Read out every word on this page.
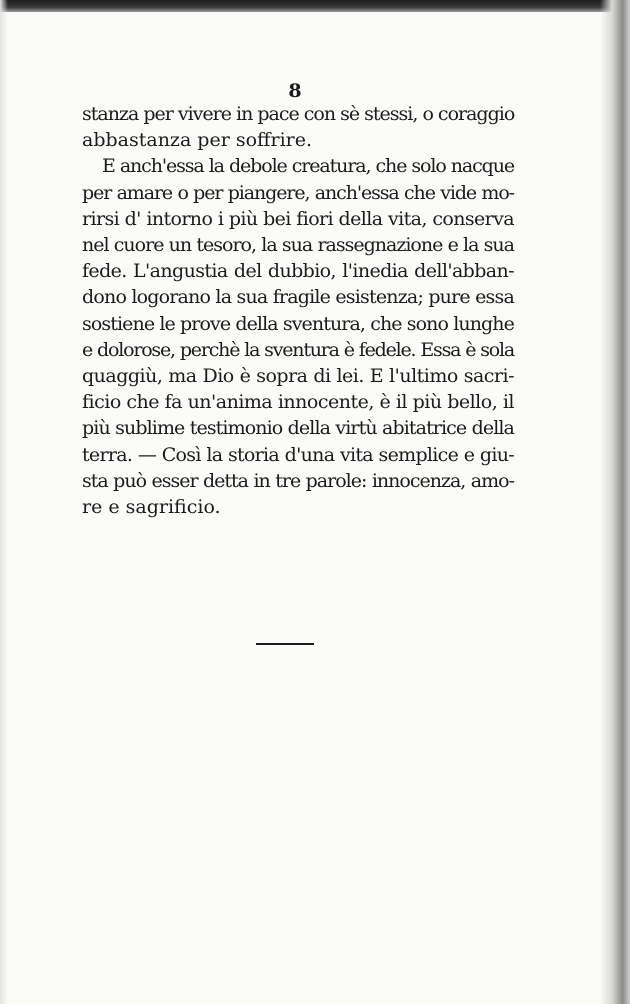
8
stanza per vivere in pace con sè stessi, o coraggio
abbastanza per soffrire.
E anch'essa la debole creatura, che solo nacque
per amare o per piangere, anch'essa che vide mo-
rirsi d' intorno i più bei fiori della vita, conserva
nel cuore un tesoro, la sua rassegnazione e la sua
fede. L'angustia del dubbio, l'inedia dell'abban-
dono logorano la sua fragile esistenza; pure essa
sostiene le prove della sventura, che sono lunghe
e dolorose, perchè la sventura è fedele. Essa è sola
quaggiù, ma Dio è sopra di lei. E l'ultimo sacri-
ficio che fa un'anima innocente, è il più bello, il
più sublime testimonio della virtù abitatrice della
terra. — Così la storia d'una vita semplice e giu-
sta può esser detta in tre parole: innocenza, amo-
re e sagrificio.
